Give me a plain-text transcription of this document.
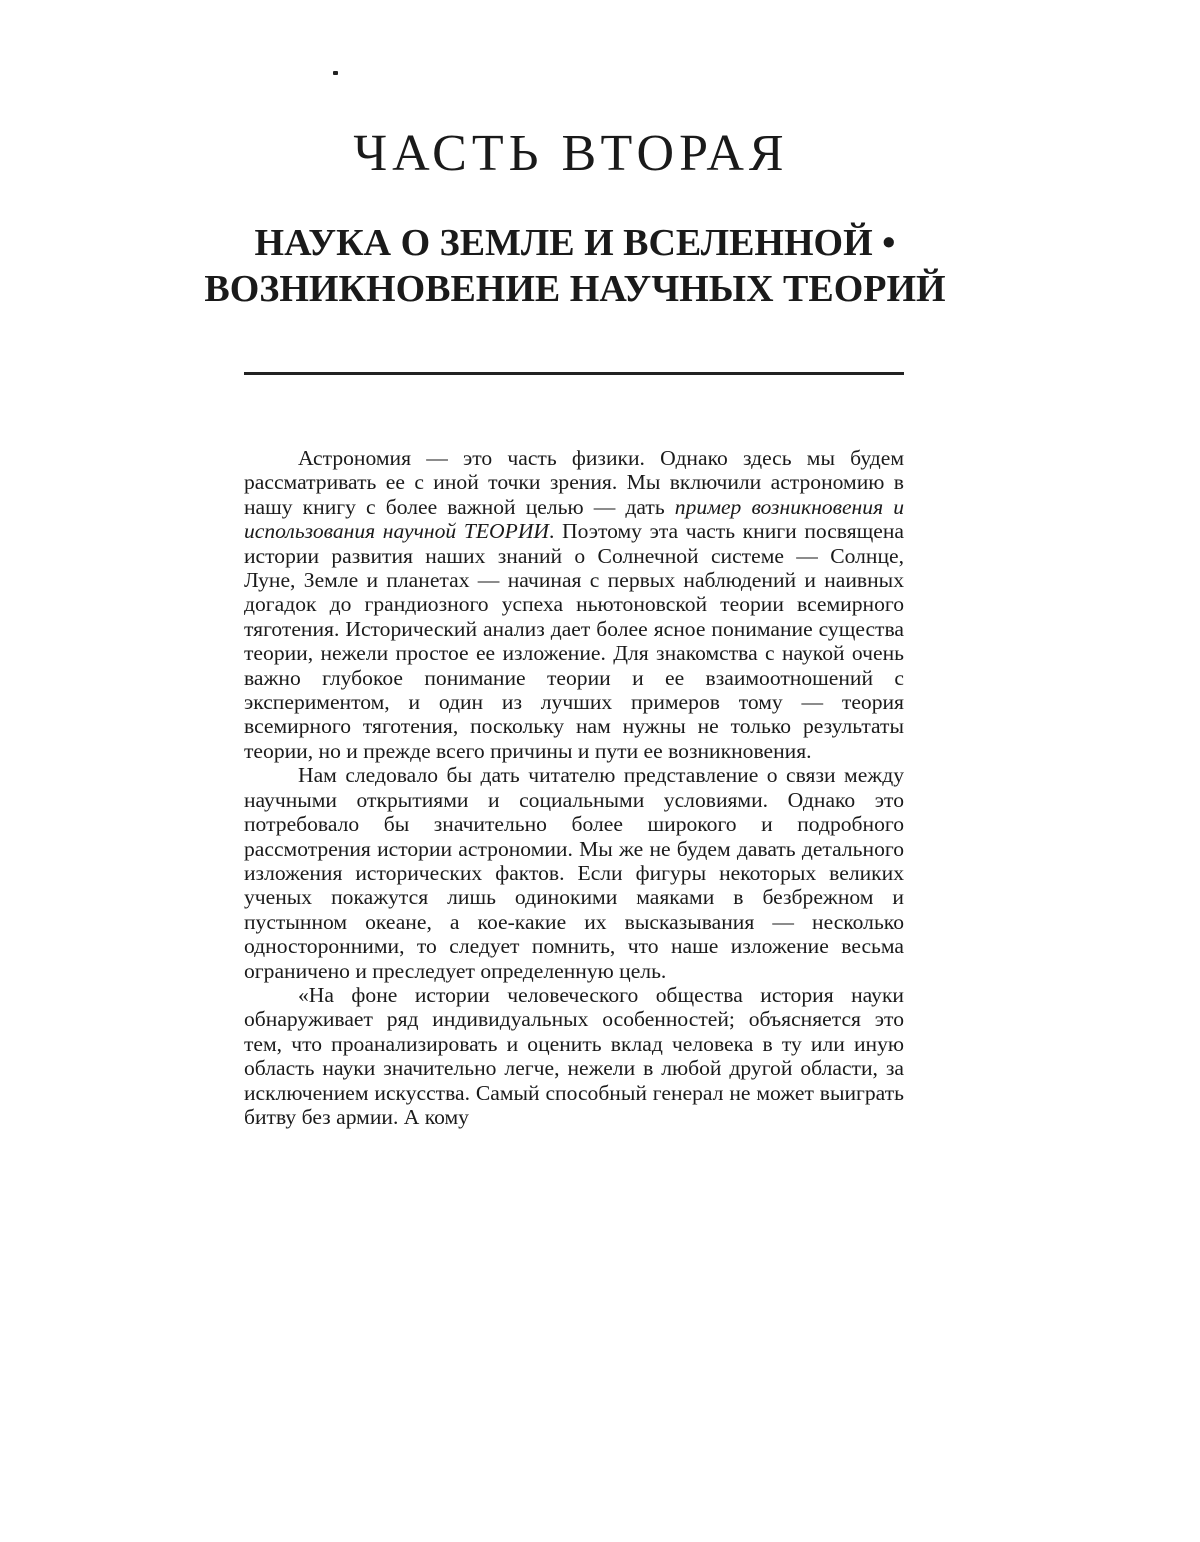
ЧАСТЬ ВТОРАЯ
НАУКА О ЗЕМЛЕ И ВСЕЛЕННОЙ •
ВОЗНИКНОВЕНИЕ НАУЧНЫХ ТЕОРИЙ

Астрономия — это часть физики. Однако здесь мы будем рассматривать ее с иной точки зрения. Мы включили астрономию в нашу книгу с более важной целью — дать пример возникновения и использования научной ТЕОРИИ. Поэтому эта часть книги посвящена истории развития наших знаний о Солнечной системе — Солнце, Луне, Земле и планетах — начиная с первых наблюдений и наивных догадок до грандиозного успеха ньютоновской теории всемирного тяготения. Исторический анализ дает более ясное понимание существа теории, нежели простое ее изложение. Для знакомства с наукой очень важно глубокое понимание теории и ее взаимоотношений с экспериментом, и один из лучших примеров тому — теория всемирного тяготения, поскольку нам нужны не только результаты теории, но и прежде всего причины и пути ее возникновения.

Нам следовало бы дать читателю представление о связи между научными открытиями и социальными условиями. Однако это потребовало бы значительно более широкого и подробного рассмотрения истории астрономии. Мы же не будем давать детального изложения исторических фактов. Если фигуры некоторых великих ученых покажутся лишь одинокими маяками в безбрежном и пустынном океане, а кое-какие их высказывания — несколько односторонними, то следует помнить, что наше изложение весьма ограничено и преследует определенную цель.

«На фоне истории человеческого общества история науки обнаруживает ряд индивидуальных особенностей; объясняется это тем, что проанализировать и оценить вклад человека в ту или иную область науки значительно легче, нежели в любой другой области, за исключением искусства. Самый способный генерал не может выиграть битву без армии. А кому
